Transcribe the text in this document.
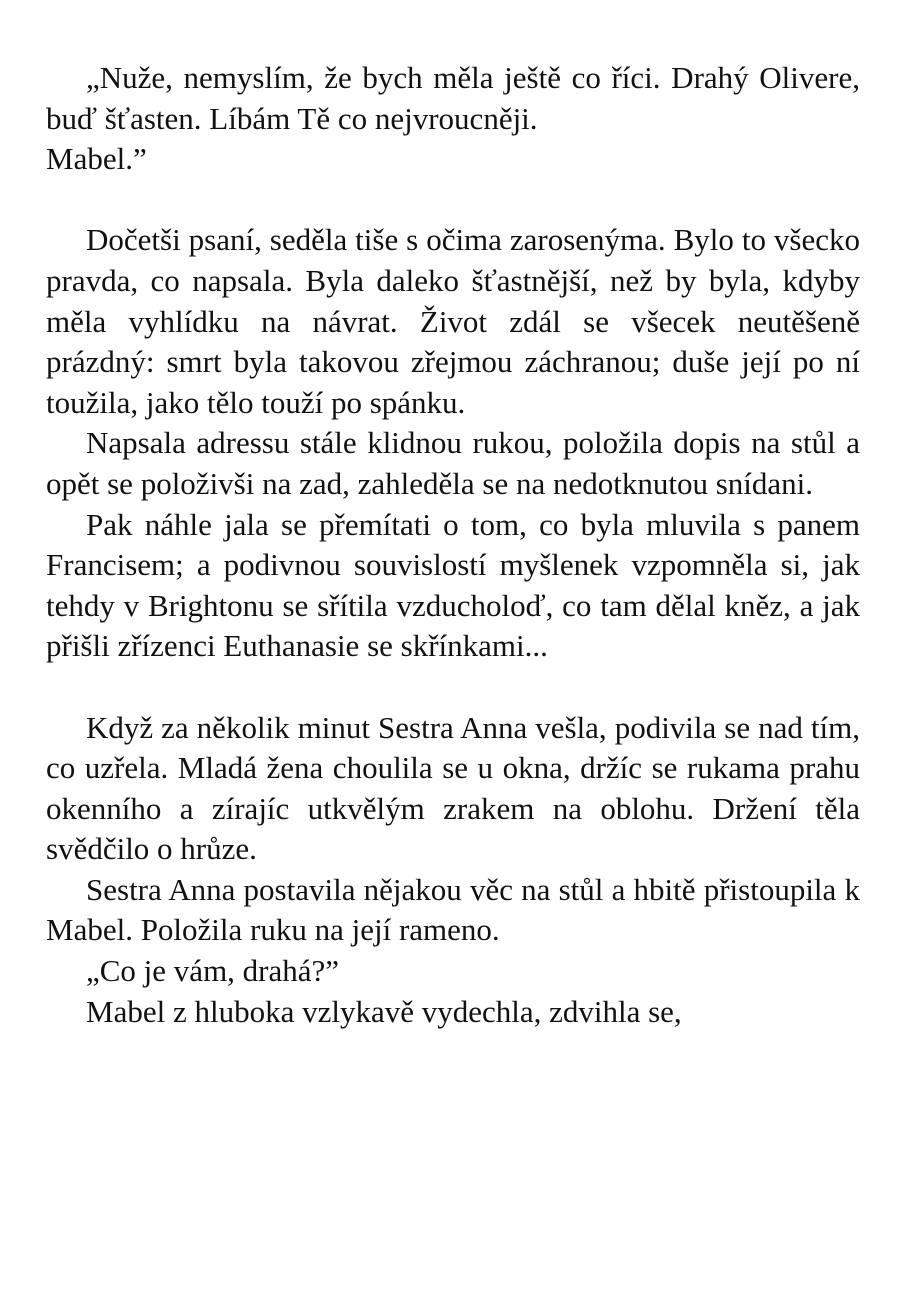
„Nuže, nemyslím, že bych měla ještě co říci. Drahý Olivere, buď šťasten. Líbám Tě co nejvroucněji.

Mabel.”

Dočetši psaní, seděla tiše s očima zarosenýma. Bylo to všecko pravda, co napsala. Byla daleko šťastnější, než by byla, kdyby měla vyhlídku na návrat. Život zdál se všecek neutěšeně prázdný: smrt byla takovou zřejmou záchranou; duše její po ní toužila, jako tělo touží po spánku.

Napsala adressu stále klidnou rukou, položila dopis na stůl a opět se položivši na zad, zahleděla se na nedotknutou snídani.

Pak náhle jala se přemítati o tom, co byla mluvila s panem Francisem; a podivnou souvislostí myšlenek vzpomněla si, jak tehdy v Brightonu se sřítila vzducholoď, co tam dělal kněz, a jak přišli zřízenci Euthanasie se skřínkami...

Když za několik minut Sestra Anna vešla, podivila se nad tím, co uzřela. Mladá žena choulila se u okna, držíc se rukama prahu okenního a zírajíc utkvělým zrakem na oblohu. Držení těla svědčilo o hrůze.

Sestra Anna postavila nějakou věc na stůl a hbitě přistoupila k Mabel. Položila ruku na její rameno.

„Co je vám, drahá?”

Mabel z hluboka vzlykavě vydechla, zdvihla se,
